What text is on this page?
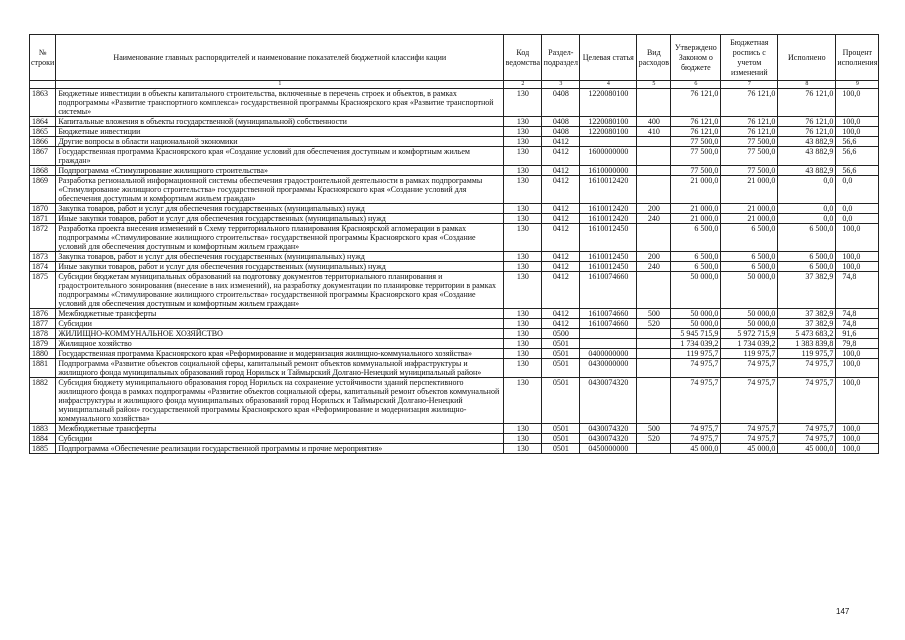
№ строки	Наименование главных распорядителей и наименование показателей бюджетной классифи кации	Код ведомства	Раздел- подраздел	Целевая статья	Вид расходов	Утверждено Законом о бюджете	Бюджетная роспись с учетом изменений	Исполнено	Процент исполнения
	1	2	3	4	5	6	7	8	9
1863	Бюджетные инвестиции в объекты капитального строительства, включенные в перечень строек и объектов, в рамках подпрограммы «Развитие транспортного комплекса» государственной программы Красноярского края «Развитие транспортной системы»	130	0408	1220080100		76 121,0	76 121,0	76 121,0	100,0
1864	Капитальные вложения в объекты государственной (муниципальной) собственности	130	0408	1220080100	400	76 121,0	76 121,0	76 121,0	100,0
1865	Бюджетные инвестиции	130	0408	1220080100	410	76 121,0	76 121,0	76 121,0	100,0
1866	Другие вопросы в области национальной экономики	130	0412			77 500,0	77 500,0	43 882,9	56,6
1867	Государственная программа Красноярского края «Создание условий для обеспечения доступным и комфортным жильем граждан»	130	0412	1600000000		77 500,0	77 500,0	43 882,9	56,6
1868	Подпрограмма «Стимулирование жилищного строительства»	130	0412	1610000000		77 500,0	77 500,0	43 882,9	56,6
1869	Разработка региональной информационной системы обеспечения градостроительной деятельности в рамках подпрограммы «Стимулирование жилищного строительства» государственной программы Красноярского края «Создание условий для обеспечения доступным и комфортным жильем граждан»	130	0412	1610012420		21 000,0	21 000,0	0,0	0,0
1870	Закупка товаров, работ и услуг для обеспечения государственных (муниципальных) нужд	130	0412	1610012420	200	21 000,0	21 000,0	0,0	0,0
1871	Иные закупки товаров, работ и услуг для обеспечения государственных (муниципальных) нужд	130	0412	1610012420	240	21 000,0	21 000,0	0,0	0,0
1872	Разработка проекта внесения изменений в Схему территориального планирования Красноярской агломерации в рамках подпрограммы «Стимулирование жилищного строительства» государственной программы Красноярского края «Создание условий для обеспечения доступным и комфортным жильем граждан»	130	0412	1610012450		6 500,0	6 500,0	6 500,0	100,0
1873	Закупка товаров, работ и услуг для обеспечения государственных (муниципальных) нужд	130	0412	1610012450	200	6 500,0	6 500,0	6 500,0	100,0
1874	Иные закупки товаров, работ и услуг для обеспечения государственных (муниципальных) нужд	130	0412	1610012450	240	6 500,0	6 500,0	6 500,0	100,0
1875	Субсидии бюджетам муниципальных образований на подготовку документов территориального планирования и градостроительного зонирования (внесение в них изменений), на разработку документации по планировке территории в рамках подпрограммы «Стимулирование жилищного строительства» государственной программы Красноярского края «Создание условий для обеспечения доступным и комфортным жильем граждан»	130	0412	1610074660		50 000,0	50 000,0	37 382,9	74,8
1876	Межбюджетные трансферты	130	0412	1610074660	500	50 000,0	50 000,0	37 382,9	74,8
1877	Субсидии	130	0412	1610074660	520	50 000,0	50 000,0	37 382,9	74,8
1878	ЖИЛИЩНО-КОММУНАЛЬНОЕ ХОЗЯЙСТВО	130	0500			5 945 715,9	5 972 715,9	5 473 683,2	91,6
1879	Жилищное хозяйство	130	0501			1 734 039,2	1 734 039,2	1 383 839,8	79,8
1880	Государственная программа Красноярского края «Реформирование и модернизация жилищно-коммунального хозяйства»	130	0501	0400000000		119 975,7	119 975,7	119 975,7	100,0
1881	Подпрограмма «Развитие объектов социальной сферы, капитальный ремонт объектов коммунальной инфраструктуры и жилищного фонда муниципальных образований город Норильск и Таймырский Долгано-Ненецкий муниципальный район»	130	0501	0430000000		74 975,7	74 975,7	74 975,7	100,0
1882	Субсидия бюджету муниципального образования город Норильск на сохранение устойчивости зданий перспективного жилищного фонда в рамках подпрограммы «Развитие объектов социальной сферы, капитальный ремонт объектов коммунальной инфраструктуры и жилищного фонда муниципальных образований город Норильск и Таймырский Долгано-Ненецкий муниципальный район» государственной программы Красноярского края «Реформирование и модернизация жилищно-коммунального хозяйства»	130	0501	0430074320		74 975,7	74 975,7	74 975,7	100,0
1883	Межбюджетные трансферты	130	0501	0430074320	500	74 975,7	74 975,7	74 975,7	100,0
1884	Субсидии	130	0501	0430074320	520	74 975,7	74 975,7	74 975,7	100,0
1885	Подпрограмма «Обеспечение реализации государственной программы и прочие мероприятия»	130	0501	0450000000		45 000,0	45 000,0	45 000,0	100,0
147
